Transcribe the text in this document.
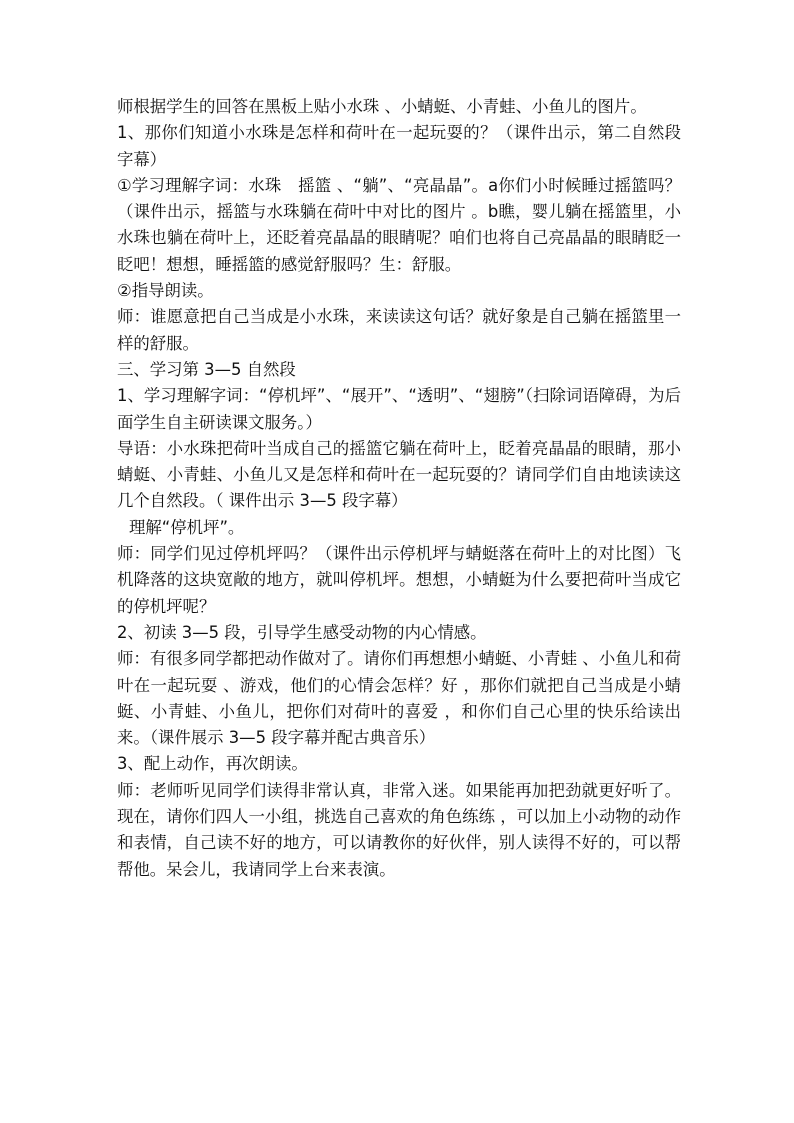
师根据学生的回答在黑板上贴小水珠 、小蜻蜓、小青蛙、小鱼儿的图片。

1、那你们知道小水珠是怎样和荷叶在一起玩耍的？（课件出示，第二自然段字幕）

①学习理解字词：水珠　摇篮 、“躺”、“亮晶晶”。a你们小时候睡过摇篮吗？（课件出示，摇篮与水珠躺在荷叶中对比的图片 。b瞧，婴儿躺在摇篮里，小水珠也躺在荷叶上，还眨着亮晶晶的眼睛呢？咱们也将自己亮晶晶的眼睛眨一眨吧！想想，睡摇篮的感觉舒服吗？生：舒服。

②指导朗读。

师：谁愿意把自己当成是小水珠，来读读这句话？就好象是自己躺在摇篮里一样的舒服。

三、学习第 3—5 自然段

1、学习理解字词：“停机坪”、“展开”、“透明”、“翅膀”（扫除词语障碍，为后面学生自主研读课文服务。）

导语：小水珠把荷叶当成自己的摇篮它躺在荷叶上，眨着亮晶晶的眼睛，那小蜻蜓、小青蛙、小鱼儿又是怎样和荷叶在一起玩耍的？请同学们自由地读读这几个自然段。（ 课件出示 3—5 段字幕）

理解“停机坪”。

师：同学们见过停机坪吗？（课件出示停机坪与蜻蜓落在荷叶上的对比图）飞机降落的这块宽敞的地方，就叫停机坪。想想，小蜻蜓为什么要把荷叶当成它的停机坪呢？

2、初读 3—5 段，引导学生感受动物的内心情感。

师：有很多同学都把动作做对了。请你们再想想小蜻蜓、小青蛙 、小鱼儿和荷叶在一起玩耍 、游戏，他们的心情会怎样？好 ，那你们就把自己当成是小蜻蜓、小青蛙、小鱼儿，把你们对荷叶的喜爱 ，和你们自己心里的快乐给读出来。（课件展示 3—5 段字幕并配古典音乐）

3、配上动作，再次朗读。

师：老师听见同学们读得非常认真，非常入迷。如果能再加把劲就更好听了。现在，请你们四人一小组，挑选自己喜欢的角色练练 ，可以加上小动物的动作和表情，自己读不好的地方，可以请教你的好伙伴，别人读得不好的，可以帮帮他。呆会儿，我请同学上台来表演。
